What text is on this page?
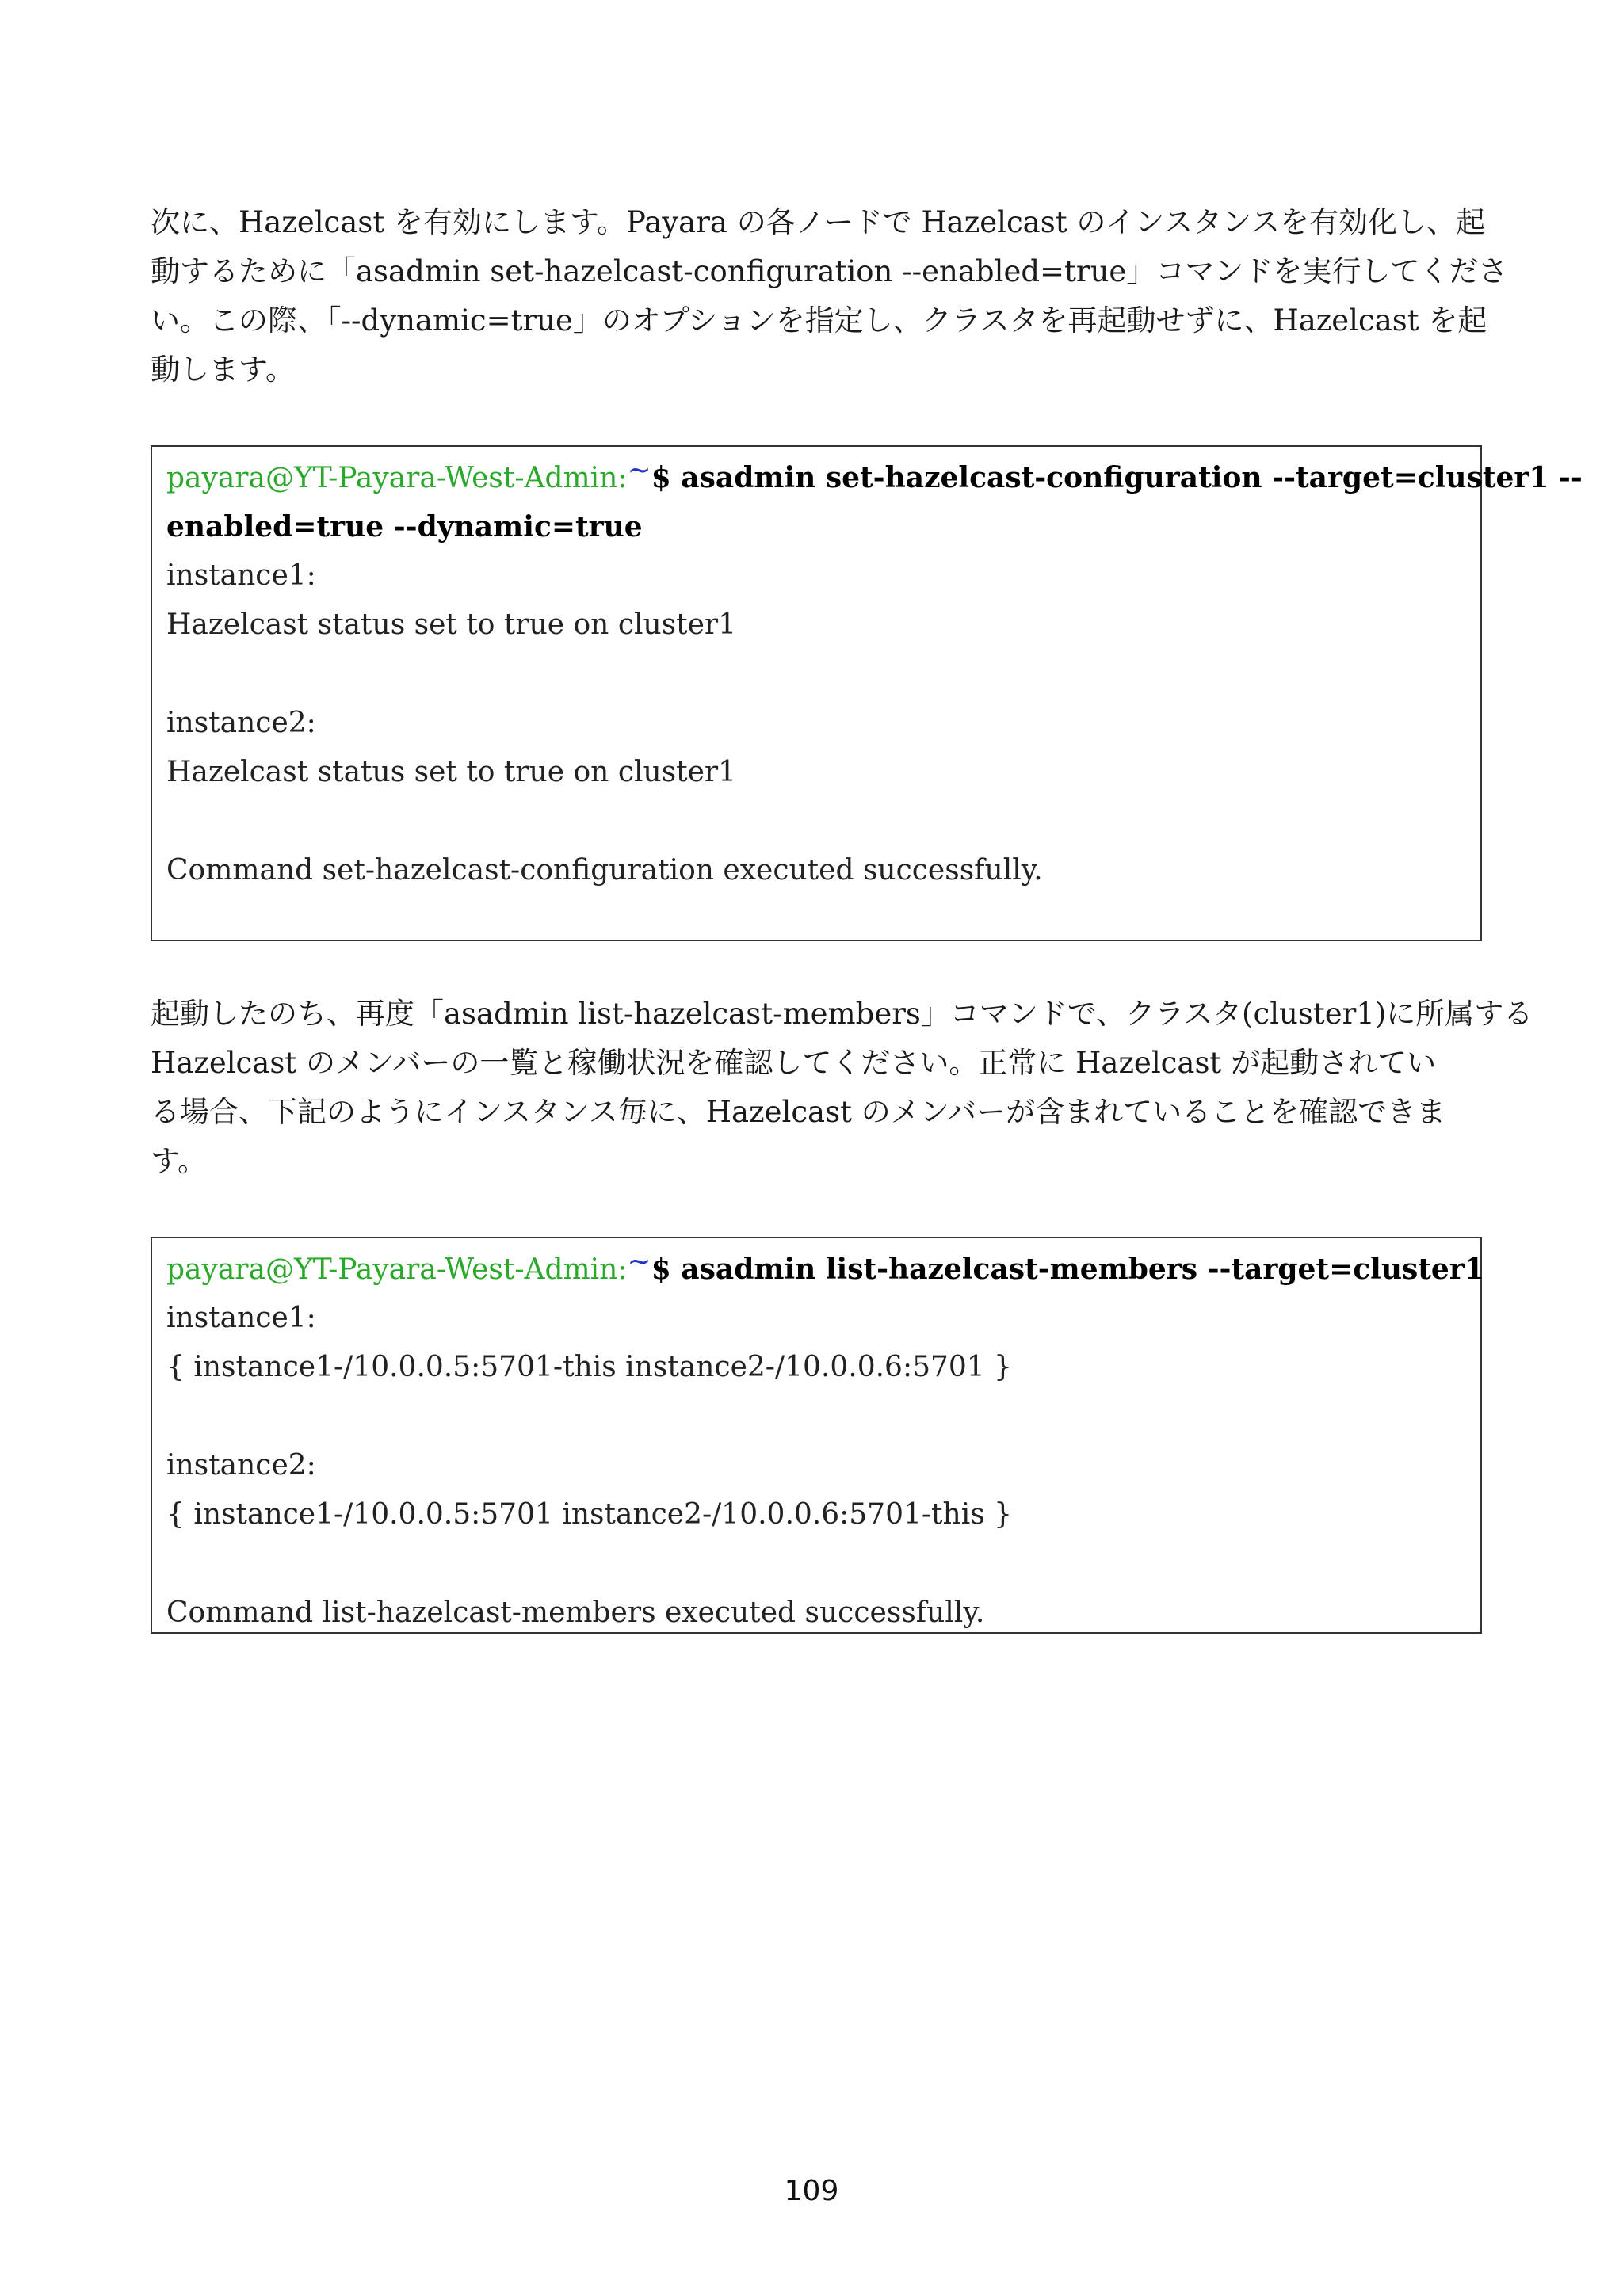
次に、Hazelcast を有効にします。Payara の各ノードで Hazelcast のインスタンスを有効化し、起
動するために「asadmin set-hazelcast-configuration --enabled=true」コマンドを実行してくださ
い。この際、「--dynamic=true」のオプションを指定し、クラスタを再起動せずに、Hazelcast を起
動します。

payara@YT-Payara-West-Admin:~$ asadmin set-hazelcast-configuration --target=cluster1 --
enabled=true --dynamic=true
instance1:
Hazelcast status set to true on cluster1
instance2:
Hazelcast status set to true on cluster1
Command set-hazelcast-configuration executed successfully.

起動したのち、再度「asadmin list-hazelcast-members」コマンドで、クラスタ(cluster1)に所属する
Hazelcast のメンバーの一覧と稼働状況を確認してください。正常に Hazelcast が起動されてい
る場合、下記のようにインスタンス毎に、Hazelcast のメンバーが含まれていることを確認できま
す。

payara@YT-Payara-West-Admin:~$ asadmin list-hazelcast-members --target=cluster1
instance1:
{ instance1-/10.0.0.5:5701-this instance2-/10.0.0.6:5701 }
instance2:
{ instance1-/10.0.0.5:5701 instance2-/10.0.0.6:5701-this }
Command list-hazelcast-members executed successfully.
109
